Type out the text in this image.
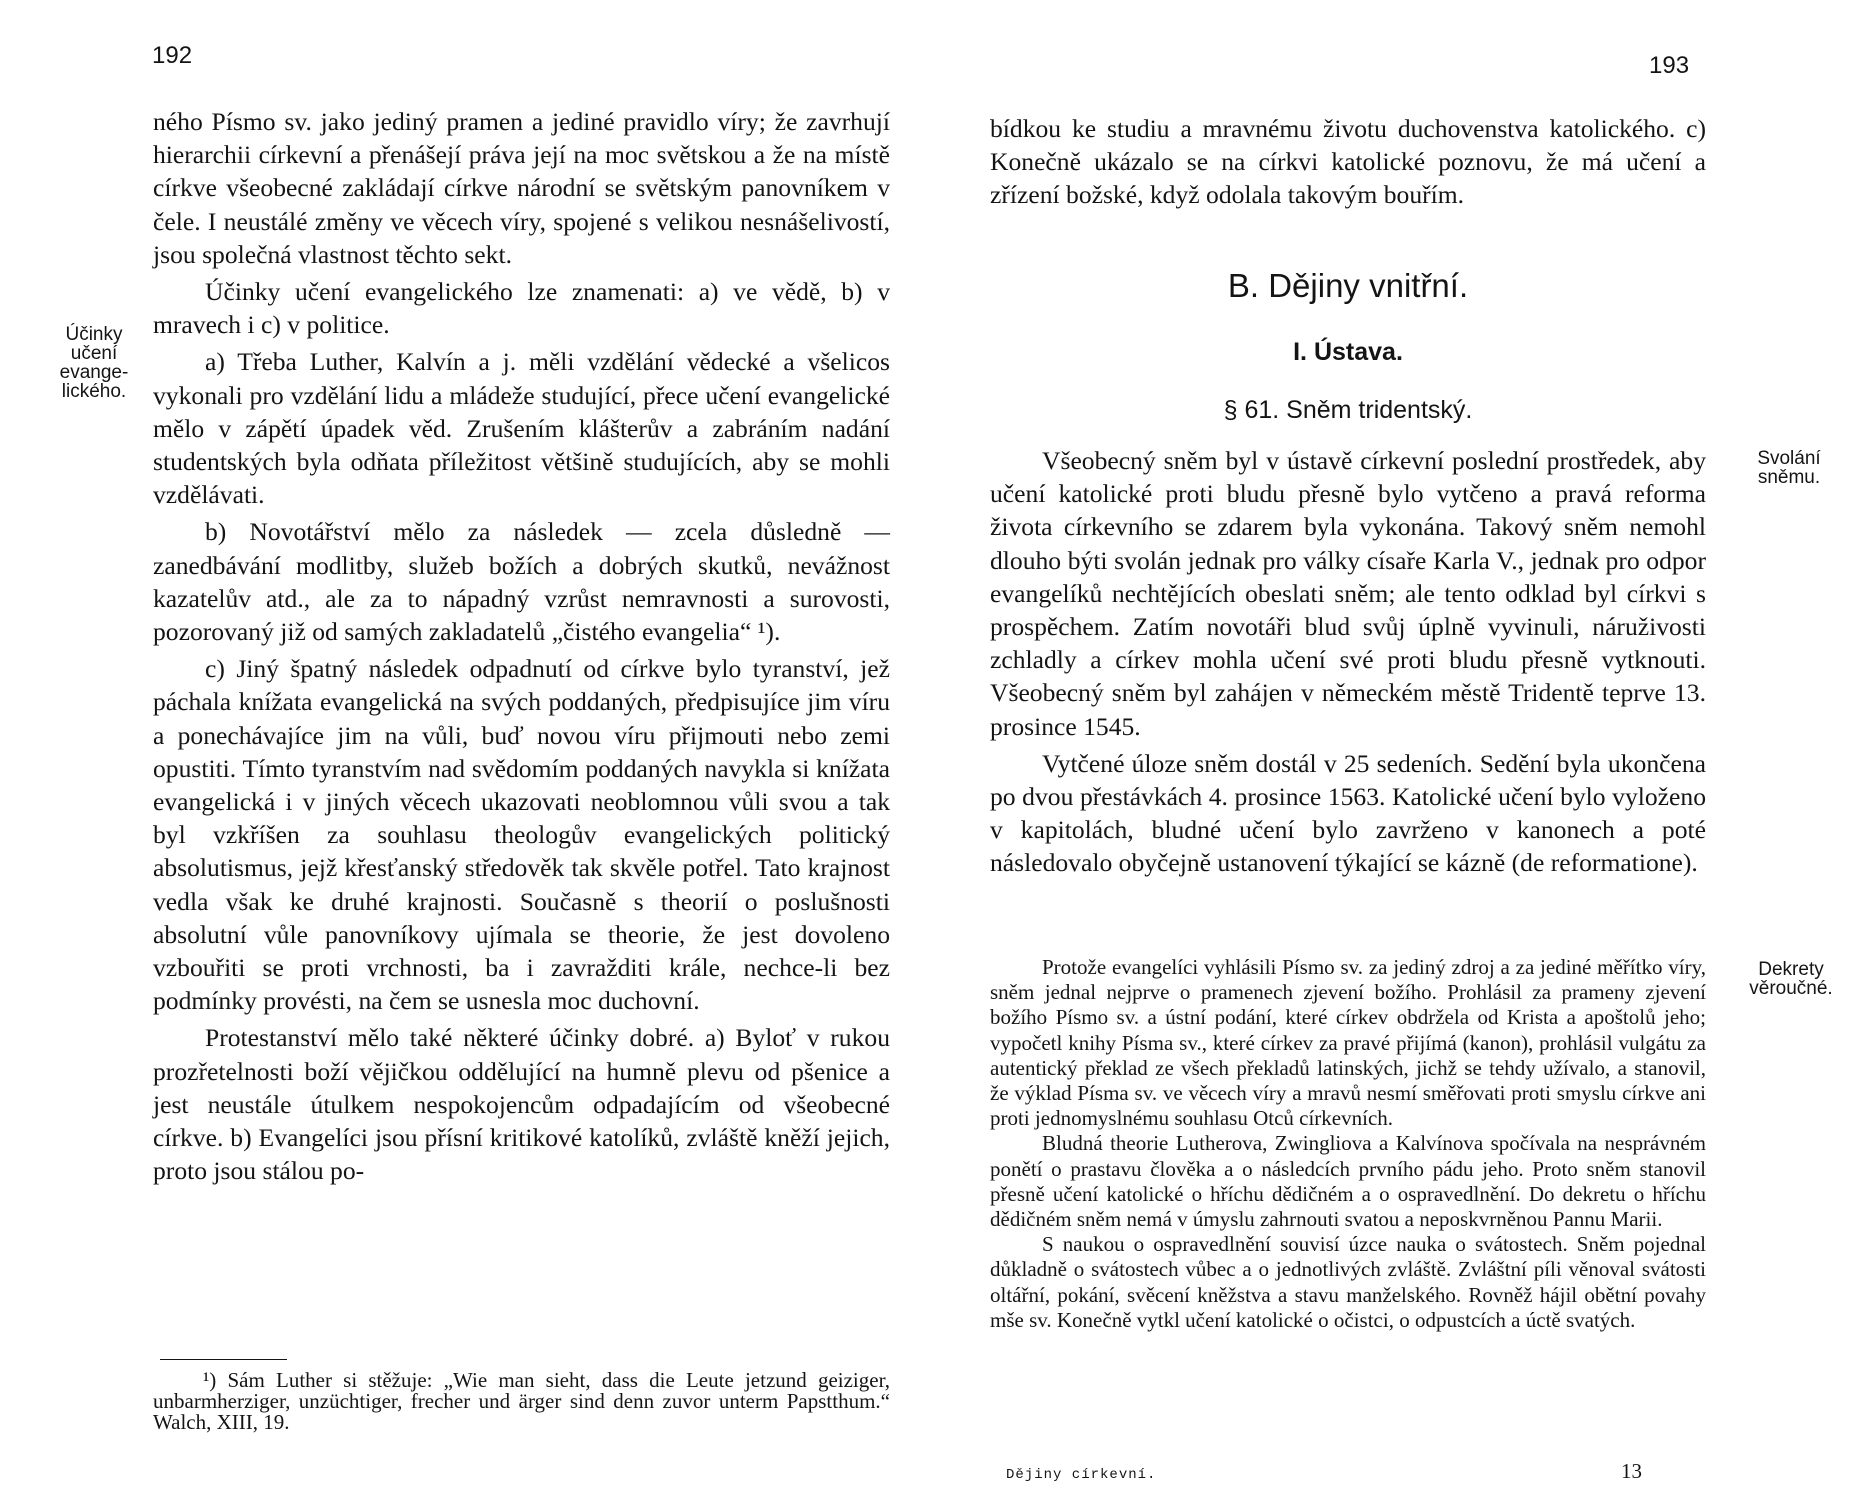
192
Účinky učení evange-lického.

ného Písmo sv. jako jediný pramen a jediné pravidlo víry; že zavrhují hierarchii církevní a přenášejí práva její na moc světskou a že na místě církve všeobecné zakládají církve národní se světským panovníkem v čele. I neustálé změny ve věcech víry, spojené s velikou nesnášelivostí, jsou společná vlastnost těchto sekt.

Účinky učení evangelického lze znamenati: a) ve vědě, b) v mravech i c) v politice.

a) Třeba Luther, Kalvín a j. měli vzdělání vědecké a všelicos vykonali pro vzdělání lidu a mládeže studující, přece učení evangelické mělo v zápětí úpadek věd. Zrušením klášterův a zabráním nadání studentských byla odňata příležitost většině studujících, aby se mohli vzdělávati.

b) Novotářství mělo za následek — zcela důsledně — zanedbávání modlitby, služeb božích a dobrých skutků, nevážnost kazatelův atd., ale za to nápadný vzrůst nemravnosti a surovosti, pozorovaný již od samých zakladatelů „čistého evangelia“ ¹).

c) Jiný špatný následek odpadnutí od církve bylo tyranství, jež páchala knížata evangelická na svých poddaných, předpisujíce jim víru a ponechávajíce jim na vůli, buď novou víru přijmouti nebo zemi opustiti. Tímto tyranstvím nad svědomím poddaných navykla si knížata evangelická i v jiných věcech ukazovati neoblomnou vůli svou a tak byl vzkříšen za souhlasu theologův evangelických politický absolutismus, jejž křesťanský středověk tak skvěle potřel. Tato krajnost vedla však ke druhé krajnosti. Současně s theorií o poslušnosti absolutní vůle panovníkovy ujímala se theorie, že jest dovoleno vzbouřiti se proti vrchnosti, ba i zavražditi krále, nechce-li bez podmínky provésti, na čem se usnesla moc duchovní.

Protestanství mělo také některé účinky dobré. a) Byloť v rukou prozřetelnosti boží vějičkou oddělující na humně plevu od pšenice a jest neustále útulkem nespokojencům odpadajícím od všeobecné církve. b) Evangelíci jsou přísní kritikové katolíků, zvláště kněží jejich, proto jsou stálou po-

¹) Sám Luther si stěžuje: „Wie man sieht, dass die Leute jetzund geiziger, unbarmherziger, unzüchtiger, frecher und ärger sind denn zuvor unterm Papstthum.“ Walch, XIII, 19.

193

bídkou ke studiu a mravnému životu duchovenstva katolického. c) Konečně ukázalo se na církvi katolické poznovu, že má učení a zřízení božské, když odolala takovým bouřím.

B. Dějiny vnitřní.
I. Ústava.
§ 61. Sněm tridentský.
Svolání sněmu.
Dekrety věroučné.

Všeobecný sněm byl v ústavě církevní poslední prostředek, aby učení katolické proti bludu přesně bylo vytčeno a pravá reforma života církevního se zdarem byla vykonána. Takový sněm nemohl dlouho býti svolán jednak pro války císaře Karla V., jednak pro odpor evangelíků nechtějících obeslati sněm; ale tento odklad byl církvi s prospěchem. Zatím novotáři blud svůj úplně vyvinuli, náruživosti zchladly a církev mohla učení své proti bludu přesně vytknouti. Všeobecný sněm byl zahájen v německém městě Tridentě teprve 13. prosince 1545.

Vytčené úloze sněm dostál v 25 sedeních. Sedění byla ukončena po dvou přestávkách 4. prosince 1563. Katolické učení bylo vyloženo v kapitolách, bludné učení bylo zavrženo v kanonech a poté následovalo obyčejně ustanovení týkající se kázně (de reformatione).

Protože evangelíci vyhlásili Písmo sv. za jediný zdroj a za jediné měřítko víry, sněm jednal nejprve o pramenech zjevení božího. Prohlásil za prameny zjevení božího Písmo sv. a ústní podání, které církev obdržela od Krista a apoštolů jeho; vypočetl knihy Písma sv., které církev za pravé přijímá (kanon), prohlásil vulgátu za autentický překlad ze všech překladů latinských, jichž se tehdy užívalo, a stanovil, že výklad Písma sv. ve věcech víry a mravů nesmí směřovati proti smyslu církve ani proti jednomyslnému souhlasu Otců církevních.

Bludná theorie Lutherova, Zwingliova a Kalvínova spočívala na nesprávném ponětí o prastavu člověka a o následcích prvního pádu jeho. Proto sněm stanovil přesně učení katolické o hříchu dědičném a o ospravedlnění. Do dekretu o hříchu dědičném sněm nemá v úmyslu zahrnouti svatou a neposkvrněnou Pannu Marii.

S naukou o ospravedlnění souvisí úzce nauka o svátostech. Sněm pojednal důkladně o svátostech vůbec a o jednotlivých zvláště. Zvláštní píli věnoval svátosti oltářní, pokání, svěcení kněžstva a stavu manželského. Rovněž hájil obětní povahy mše sv. Konečně vytkl učení katolické o očistci, o odpustcích a úctě svatých.

Dějiny církevní.	13
